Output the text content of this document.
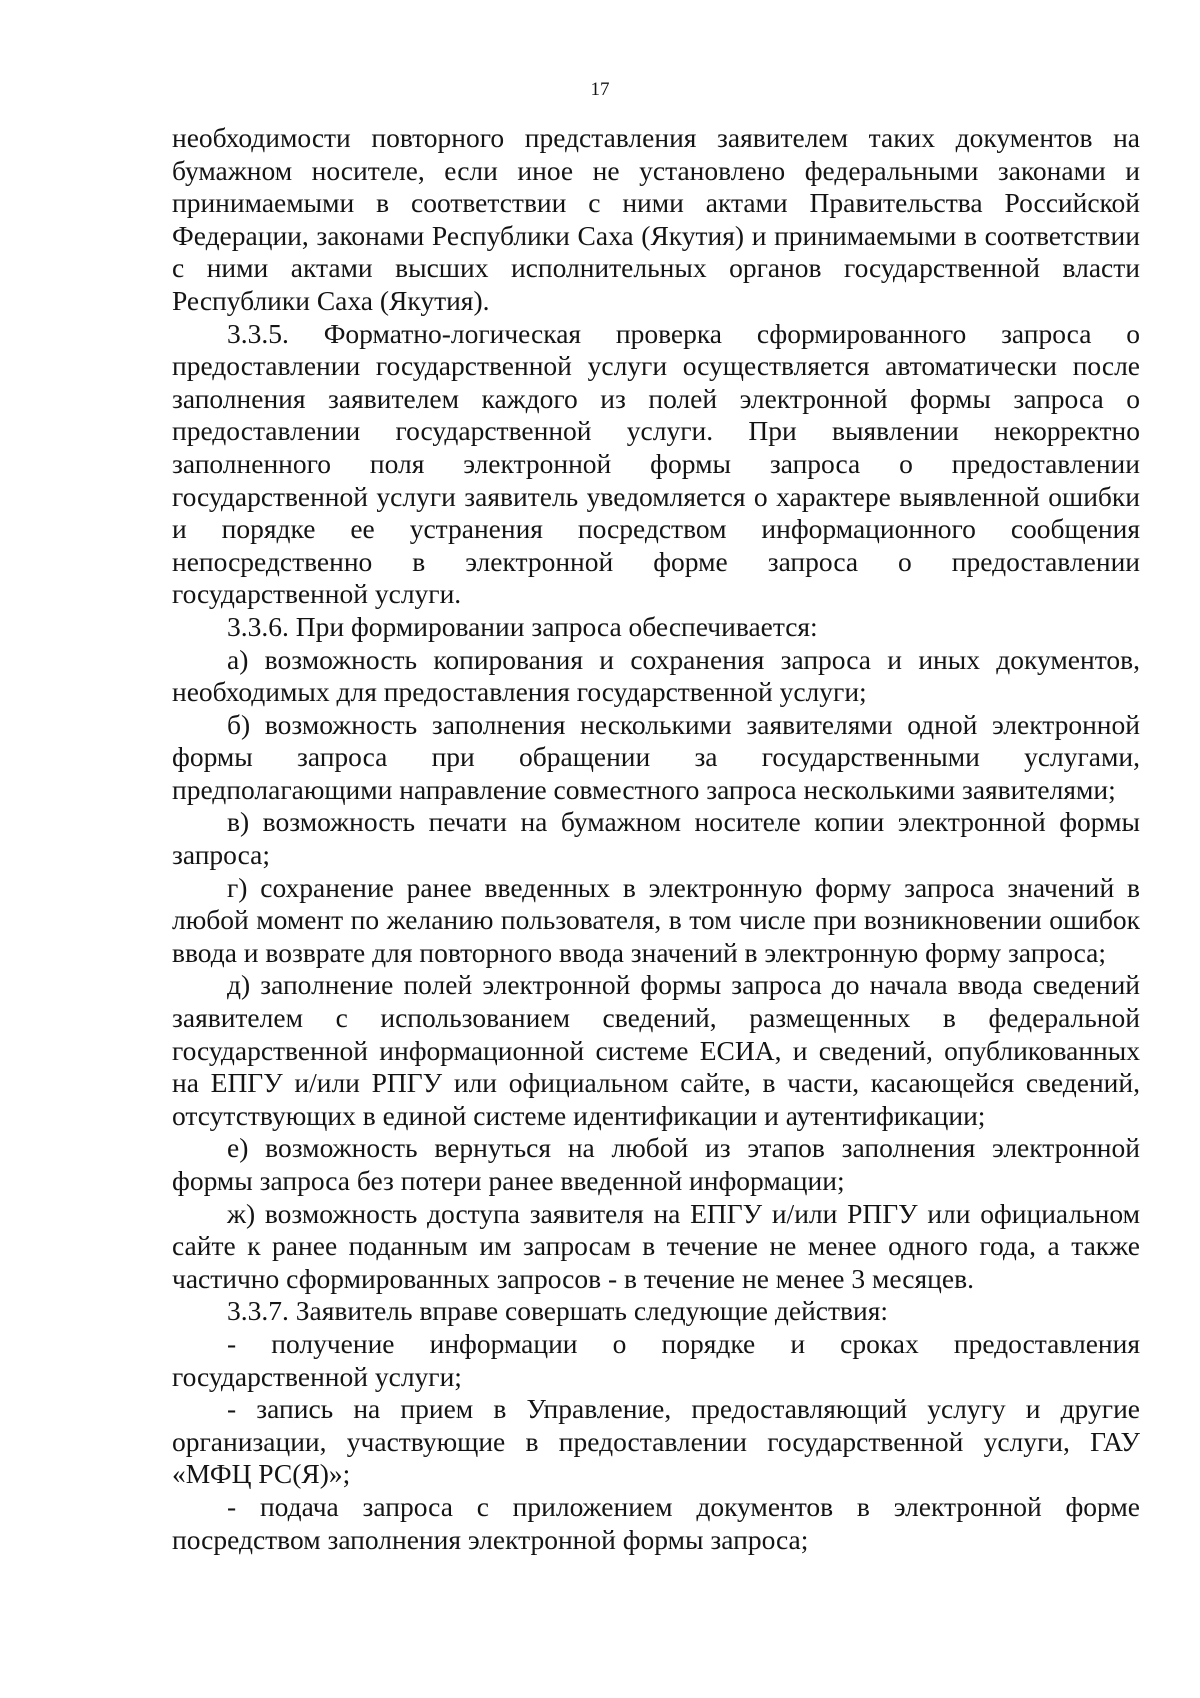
17

необходимости повторного представления заявителем таких документов на бумажном носителе, если иное не установлено федеральными законами и принимаемыми в соответствии с ними актами Правительства Российской Федерации, законами Республики Саха (Якутия) и принимаемыми в соответствии с ними актами высших исполнительных органов государственной власти Республики Саха (Якутия).

3.3.5. Форматно-логическая проверка сформированного запроса о предоставлении государственной услуги осуществляется автоматически после заполнения заявителем каждого из полей электронной формы запроса о предоставлении государственной услуги. При выявлении некорректно заполненного поля электронной формы запроса о предоставлении государственной услуги заявитель уведомляется о характере выявленной ошибки и порядке ее устранения посредством информационного сообщения непосредственно в электронной форме запроса о предоставлении государственной услуги.

3.3.6. При формировании запроса обеспечивается:

а) возможность копирования и сохранения запроса и иных документов, необходимых для предоставления государственной услуги;

б) возможность заполнения несколькими заявителями одной электронной формы запроса при обращении за государственными услугами, предполагающими направление совместного запроса несколькими заявителями;

в) возможность печати на бумажном носителе копии электронной формы запроса;

г) сохранение ранее введенных в электронную форму запроса значений в любой момент по желанию пользователя, в том числе при возникновении ошибок ввода и возврате для повторного ввода значений в электронную форму запроса;

д) заполнение полей электронной формы запроса до начала ввода сведений заявителем с использованием сведений, размещенных в федеральной государственной информационной системе ЕСИА, и сведений, опубликованных на ЕПГУ и/или РПГУ или официальном сайте, в части, касающейся сведений, отсутствующих в единой системе идентификации и аутентификации;

е) возможность вернуться на любой из этапов заполнения электронной формы запроса без потери ранее введенной информации;

ж) возможность доступа заявителя на ЕПГУ и/или РПГУ или официальном сайте к ранее поданным им запросам в течение не менее одного года, а также частично сформированных запросов - в течение не менее 3 месяцев.

3.3.7. Заявитель вправе совершать следующие действия:

- получение информации о порядке и сроках предоставления государственной услуги;

- запись на прием в Управление, предоставляющий услугу и другие организации, участвующие в предоставлении государственной услуги, ГАУ «МФЦ РС(Я)»;

- подача запроса с приложением документов в электронной форме посредством заполнения электронной формы запроса;
